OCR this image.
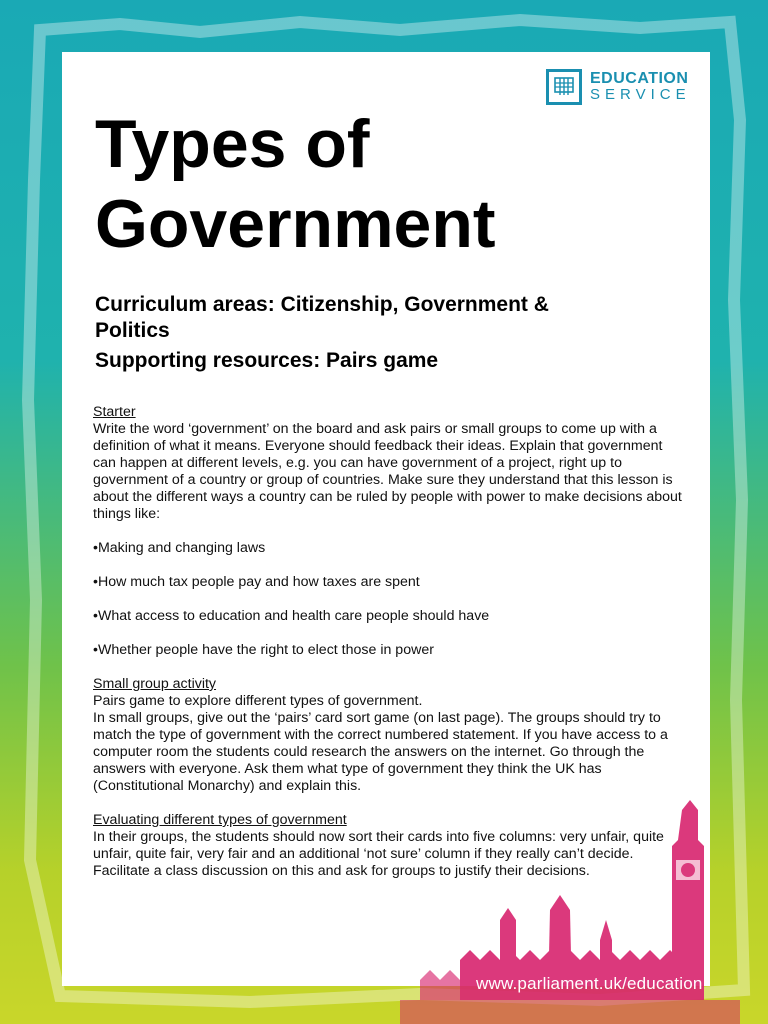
EDUCATION
SERVICE
Types of Government

Curriculum areas: Citizenship, Government & Politics

Supporting resources: Pairs game

Starter

Write the word ‘government’ on the board and ask pairs or small groups to come up with a definition of what it means. Everyone should feedback their ideas. Explain that government can happen at different levels, e.g. you can have government of a project, right up to government of a country or group of countries. Make sure they understand that this lesson is about the different ways a country can be ruled by people with power to make decisions about things like:

•Making and changing laws

•How much tax people pay and how taxes are spent

•What access to education and health care people should have

•Whether people have the right to elect those in power

Small group activity

Pairs game to explore different types of government.

In small groups, give out the ‘pairs’ card sort game (on last page). The groups should try to match the type of government with the correct numbered statement. If you have access to a computer room the students could research the answers on the internet. Go through the answers with everyone. Ask them what type of government they think the UK has (Constitutional Monarchy) and explain this.

Evaluating different types of government

In their groups, the students should now sort their cards into five columns: very unfair, quite unfair, quite fair, very fair and an additional ‘not sure’ column if they really can’t decide. Facilitate a class discussion on this and ask for groups to justify their decisions.

www.parliament.uk/education
